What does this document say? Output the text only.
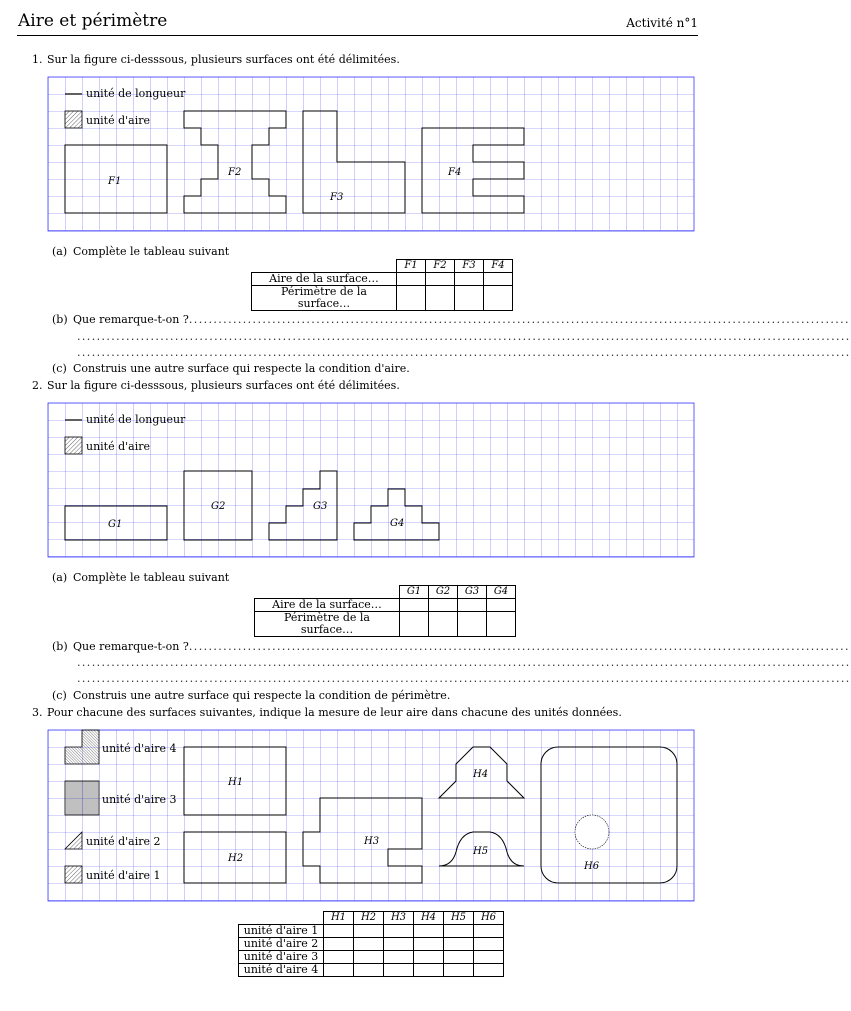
Aire et périmètre	Activité n°1
1. Sur la figure ci-desssous, plusieurs surfaces ont été délimitées.
F1
F2
F3
F4
unité de longueur
unité d'aire
(a) Complète le tableau suivant
	F1	F2	F3	F4
Aire de la surface…				
Périmètre de la surface…				
(b) Que remarque-t-on ?
........................................................................................................................................
..............................................................................................................................................................
..............................................................................................................................................................
(c) Construis une autre surface qui respecte la condition d'aire.
2. Sur la figure ci-desssous, plusieurs surfaces ont été délimitées.
G1
G2	G3
G4
unité de longueur
unité d'aire
(a) Complète le tableau suivant
	G1	G2	G3	G4
Aire de la surface…				
Périmètre de la surface…				
(b) Que remarque-t-on ?
........................................................................................................................................
..............................................................................................................................................................
..............................................................................................................................................................
(c) Construis une autre surface qui respecte la condition de périmètre.
3. Pour chacune des surfaces suivantes, indique la mesure de leur aire dans chacune des unités données.
H1
H2
H3
H4
H5
H6
unité d'aire 4
unité d'aire 3
unité d'aire 2
unité d'aire 1
	H1	H2	H3	H4	H5	H6
unité d'aire 1						
unité d'aire 2						
unité d'aire 3						
unité d'aire 4						
